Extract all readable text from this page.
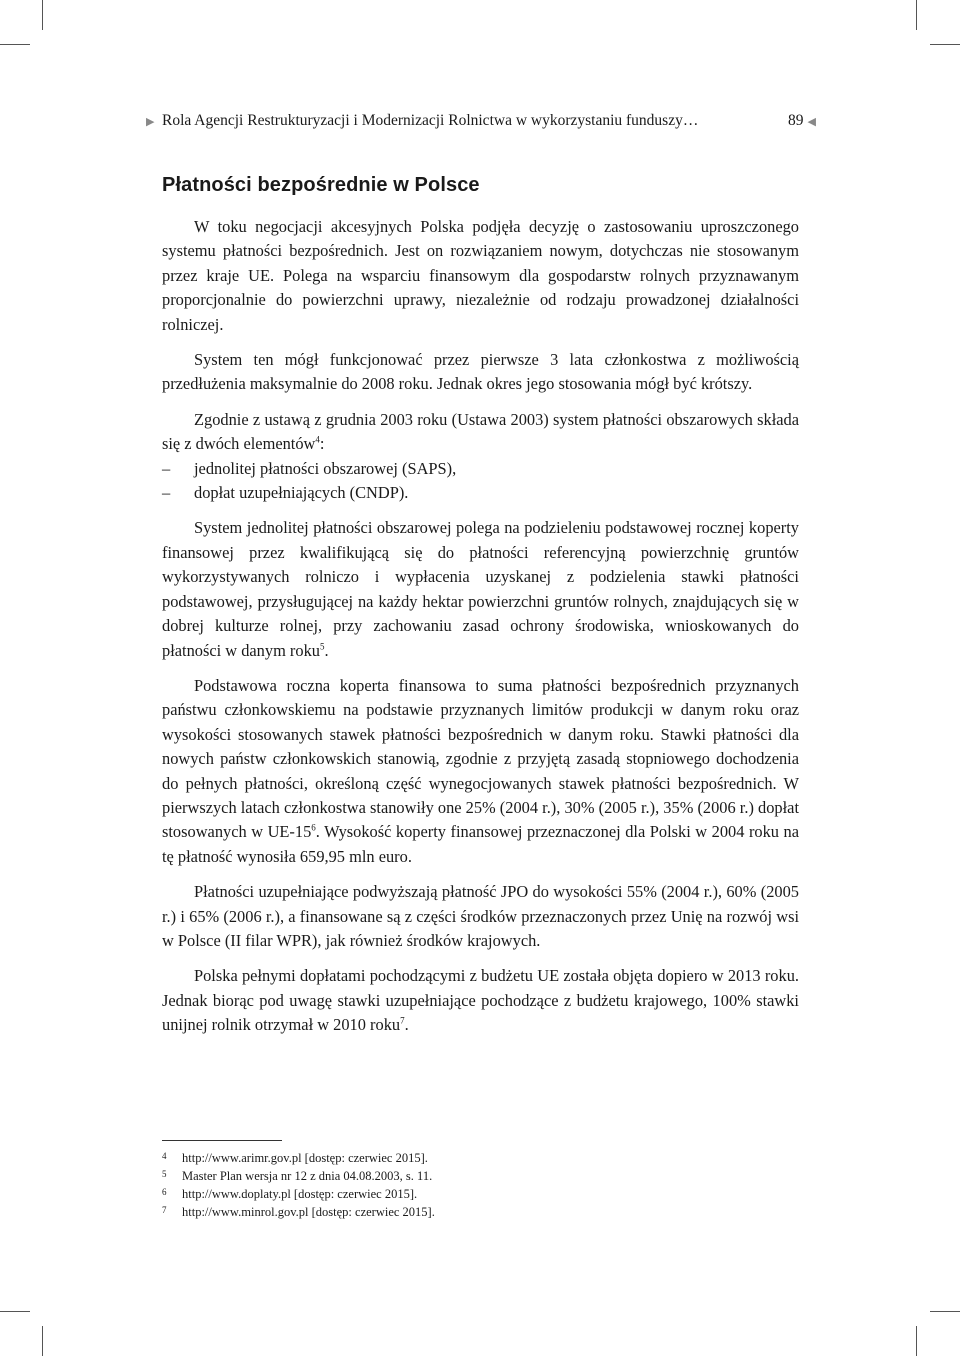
▶ Rola Agencji Restrukturyzacji i Modernizacji Rolnictwa w wykorzystaniu funduszy…	89 ◀
Płatności bezpośrednie w Polsce

W toku negocjacji akcesyjnych Polska podjęła decyzję o zastosowaniu uproszczonego systemu płatności bezpośrednich. Jest on rozwiązaniem nowym, dotychczas nie stosowanym przez kraje UE. Polega na wsparciu finansowym dla gospodarstw rolnych przyznawanym proporcjonalnie do powierzchni uprawy, niezależnie od rodzaju prowadzonej działalności rolniczej.

System ten mógł funkcjonować przez pierwsze 3 lata członkostwa z możliwością przedłużenia maksymalnie do 2008 roku. Jednak okres jego stosowania mógł być krótszy.

Zgodnie z ustawą z grudnia 2003 roku (Ustawa 2003) system płatności obszarowych składa się z dwóch elementów$^4$:

–	jednolitej płatności obszarowej (SAPS),
–	dopłat uzupełniających (CNDP).

System jednolitej płatności obszarowej polega na podzieleniu podstawowej rocznej koperty finansowej przez kwalifikującą się do płatności referencyjną powierzchnię gruntów wykorzystywanych rolniczo i wypłacenia uzyskanej z podzielenia stawki płatności podstawowej, przysługującej na każdy hektar powierzchni gruntów rolnych, znajdujących się w dobrej kulturze rolnej, przy zachowaniu zasad ochrony środowiska, wnioskowanych do płatności w danym roku$^5$.

Podstawowa roczna koperta finansowa to suma płatności bezpośrednich przyznanych państwu członkowskiemu na podstawie przyznanych limitów produkcji w danym roku oraz wysokości stosowanych stawek płatności bezpośrednich w danym roku. Stawki płatności dla nowych państw członkowskich stanowią, zgodnie z przyjętą zasadą stopniowego dochodzenia do pełnych płatności, określoną część wynegocjowanych stawek płatności bezpośrednich. W pierwszych latach członkostwa stanowiły one 25% (2004 r.), 30% (2005 r.), 35% (2006 r.) dopłat stosowanych w $UE-15^6$. Wysokość koperty finansowej przeznaczonej dla Polski w 2004 roku na tę płatność wynosiła 659,95 mln euro.

Płatności uzupełniające podwyższają płatność JPO do wysokości 55% (2004 r.), 60% (2005 r.) i 65% (2006 r.), a finansowane są z części środków przeznaczonych przez Unię na rozwój wsi w Polsce (II filar WPR), jak również środków krajowych.

Polska pełnymi dopłatami pochodzącymi z budżetu UE została objęta dopiero w 2013 roku. Jednak biorąc pod uwagę stawki uzupełniające pochodzące z budżetu krajowego, 100% stawki unijnej rolnik otrzymał w 2010 roku$^7$.

4	http://www.arimr.gov.pl [dostęp: czerwiec 2015].
5	Master Plan wersja nr 12 z dnia 04.08.2003, s. 11.
6	http://www.doplaty.pl [dostęp: czerwiec 2015].
7	http://www.minrol.gov.pl [dostęp: czerwiec 2015].
